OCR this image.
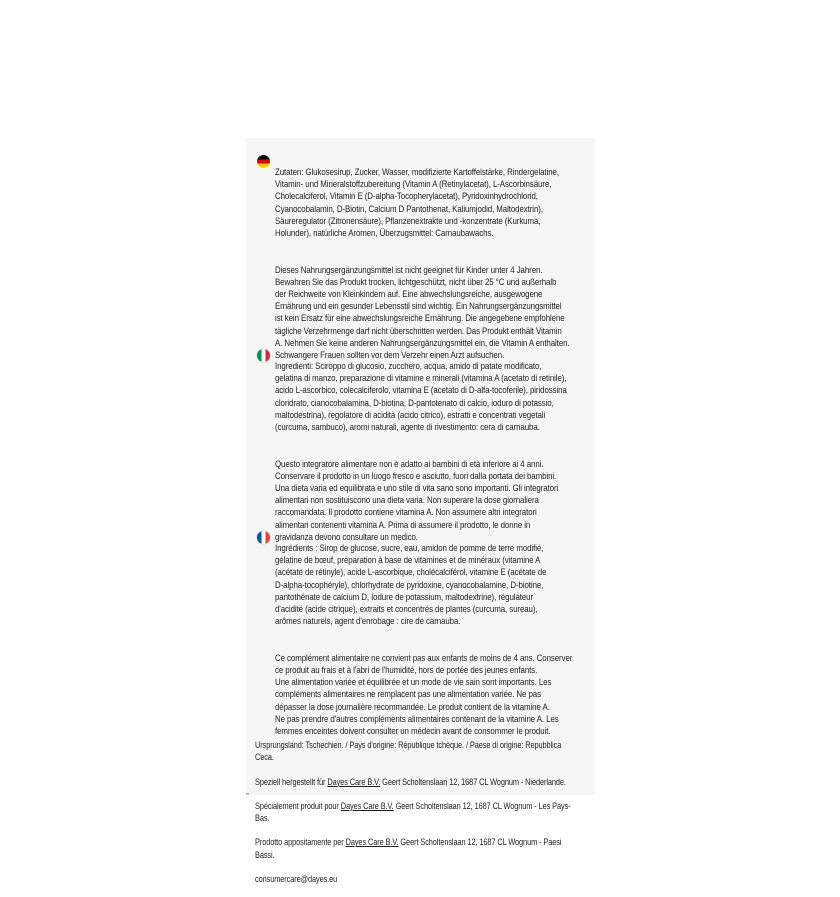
Zutaten: Glukosesirup, Zucker, Wasser, modifizierte Kartoffelstärke, Rindergelatine,
Vitamin- und Mineralstoffzubereitung (Vitamin A (Retinylacetat), L-Ascorbinsäure,
Cholecalciferol, Vitamin E (D-alpha-Tocopherylacetat), Pyridoxinhydrochlorid,
Cyanocobalamin, D-Biotin, Calcium D Pantothenat, Kaliumjodid, Maltodextrin),
Säureregulator (Zitronensäure), Pflanzenextrakte und -konzentrate (Kurkuma,
Holunder), natürliche Aromen, Überzugsmittel: Carnaubawachs.

Dieses Nahrungsergänzungsmittel ist nicht geeignet für Kinder unter 4 Jahren.
Bewahren Sie das Produkt trocken, lichtgeschützt, nicht über 25 °C und außerhalb
der Reichweite von Kleinkindern auf. Eine abwechslungsreiche, ausgewogene
Ernährung und ein gesunder Lebensstil sind wichtig. Ein Nahrungsergänzungsmittel
ist kein Ersatz für eine abwechslungsreiche Ernährung. Die angegebene empfohlene
tägliche Verzehrmenge darf nicht überschritten werden. Das Produkt enthält Vitamin
A. Nehmen Sie keine anderen Nahrungsergänzungsmittel ein, die Vitamin A enthalten.
Schwangere Frauen sollten vor dem Verzehr einen Arzt aufsuchen.

Ingredienti: Sciroppo di glucosio, zucchero, acqua, amido di patate modificato,
gelatina di manzo, preparazione di vitamine e minerali (vitamina A (acetato di retinile),
acido L-ascorbico, colecalciferolo, vitamina E (acetato di D-alfa-tocoferile), piridossina
cloridrato, cianocobalamina, D-biotina, D-pantotenato di calcio, ioduro di potassio,
maltodestrina), regolatore di acidità (acido citrico), estratti e concentrati vegetali
(curcuma, sambuco), aromi naturali, agente di rivestimento: cera di carnauba.

Questo integratore alimentare non è adatto ai bambini di età inferiore ai 4 anni.
Conservare il prodotto in un luogo fresco e asciutto, fuori dalla portata dei bambini.
Una dieta varia ed equilibrata e uno stile di vita sano sono importanti. Gli integratori
alimentari non sostituiscono una dieta varia. Non superare la dose giornaliera
raccomandata. Il prodotto contiene vitamina A. Non assumere altri integratori
alimentari contenenti vitamina A. Prima di assumere il prodotto, le donne in
gravidanza devono consultare un medico.

Ingrédients : Sirop de glucose, sucre, eau, amidon de pomme de terre modifié,
gélatine de bœuf, préparation à base de vitamines et de minéraux (vitamine A
(acétate de rétinyle), acide L-ascorbique, cholécalciférol, vitamine E (acétate de
D-alpha-tocophéryle), chlorhydrate de pyridoxine, cyanocobalamine, D-biotine,
pantothénate de calcium D, Iodure de potassium, maltodextrine), régulateur
d'acidité (acide citrique), extraits et concentrés de plantes (curcuma, sureau),
arômes naturels, agent d'enrobage : cire de carnauba.

Ce complément alimentaire ne convient pas aux enfants de moins de 4 ans. Conserver
ce produit au frais et à l'abri de l'humidité, hors de portée des jeunes enfants.
Une alimentation variée et équilibrée et un mode de vie sain sont importants. Les
compléments alimentaires ne remplacent pas une alimentation variée. Ne pas
dépasser la dose journalière recommandée. Le produit contient de la vitamine A.
Ne pas prendre d'autres compléments alimentaires contenant de la vitamine A. Les
femmes enceintes doivent consulter un médecin avant de consommer le produit.

Ursprungsland: Tschechien. / Pays d'origine: République tchèque. / Paese di origine: Repubblica Ceca.

Speziell hergestellt für Dayes Care B.V. Geert Scholtenslaan 12, 1687 CL Wognum - Niederlande.

Spécialement produit pour Dayes Care B.V. Geert Scholtenslaan 12, 1687 CL Wognum - Les Pays-Bas.

Prodotto appositamente per Dayes Care B.V. Geert Scholtenslaan 12, 1687 CL Wognum - Paesi Bassi.

consumercare@dayes.eu
